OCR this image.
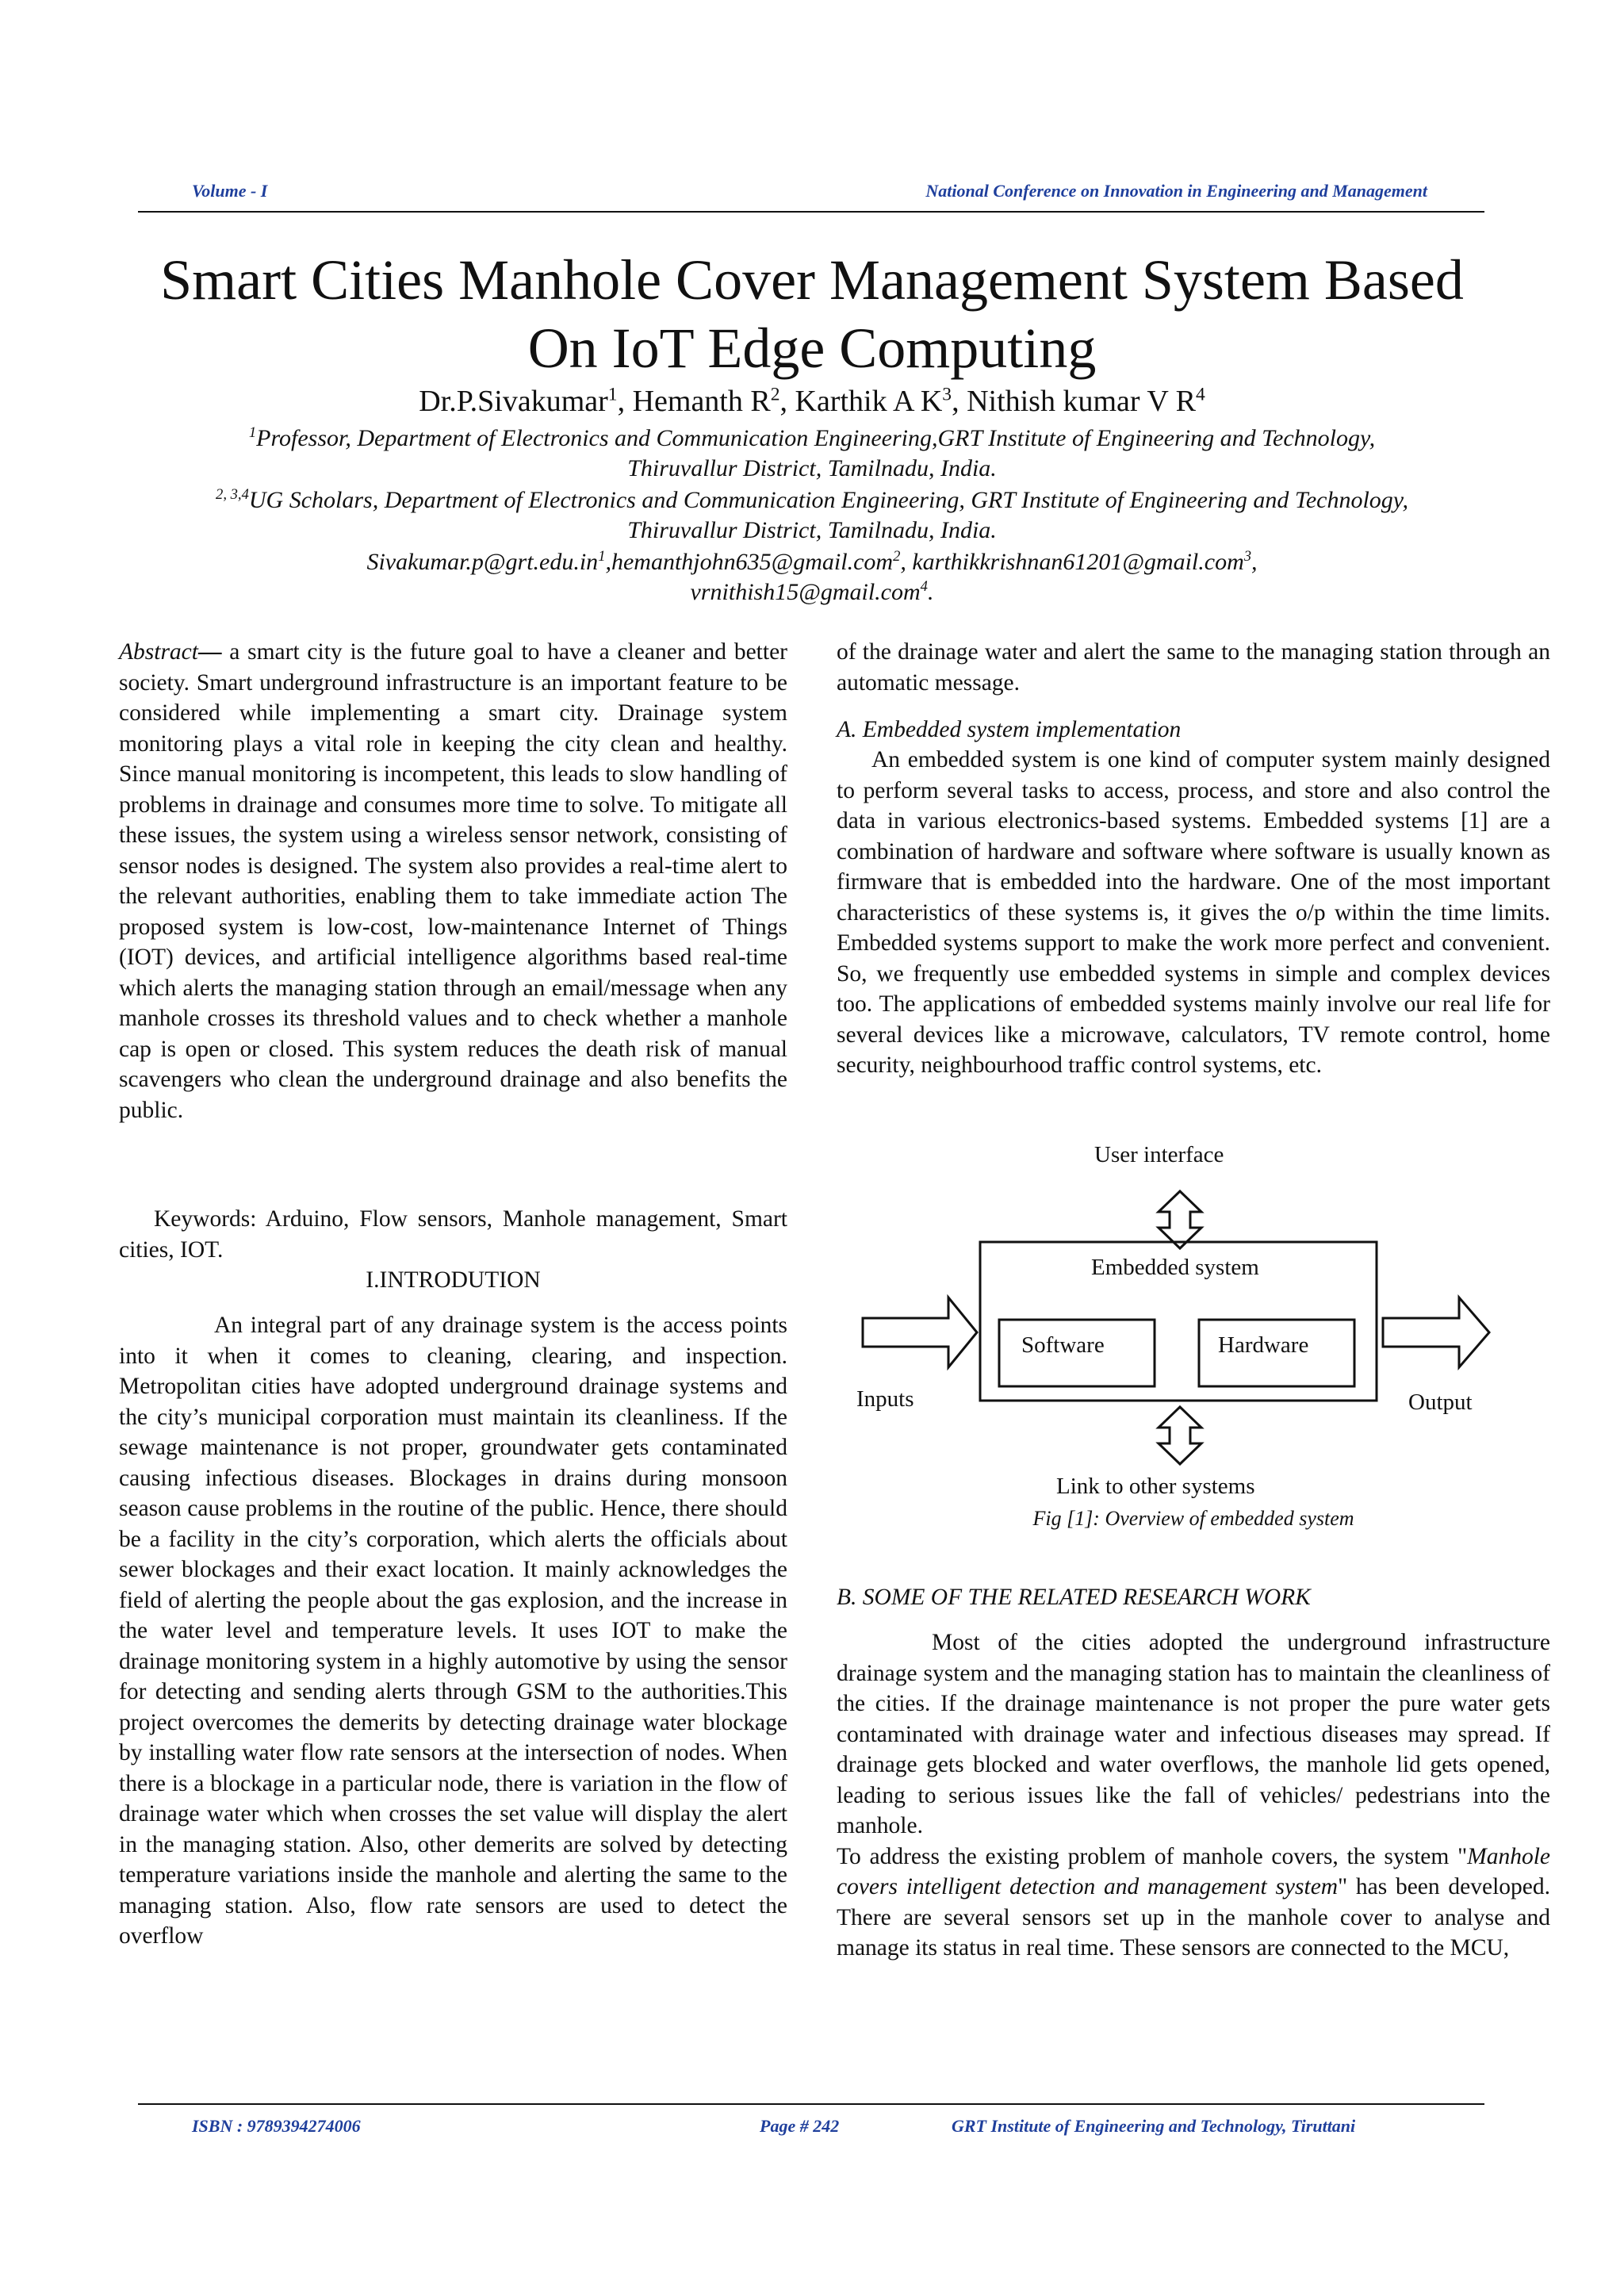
Volume - I	National Conference on Innovation in Engineering and Management
Smart Cities Manhole Cover Management System Based
On IoT Edge Computing
Dr.P.Sivakumar$^1$, Hemanth $R^2$, Karthik A $K^3$, Nithish kumar V $R^4$
$^1$Professor, Department of Electronics and Communication Engineering,GRT Institute of Engineering and Technology,
Thiruvallur District, Tamilnadu, India.
$^{2, 3,4}$UG Scholars, Department of Electronics and Communication Engineering, GRT Institute of Engineering and Technology,
Thiruvallur District, Tamilnadu, India.
$Sivakumar.p@grt.edu.in^1,hemanthjohn635@gmail.com^2$, karthikkrishnan61201@gmail.com$^3$,
vrnithish15@gmail.com$^4$.

Abstract— a smart city is the future goal to have a cleaner and better society. Smart underground infrastructure is an important feature to be considered while implementing a smart city. Drainage system monitoring plays a vital role in keeping the city clean and healthy. Since manual monitoring is incompetent, this leads to slow handling of problems in drainage and consumes more time to solve. To mitigate all these issues, the system using a wireless sensor network, consisting of sensor nodes is designed. The system also provides a real-time alert to the relevant authorities, enabling them to take immediate action The proposed system is low-cost, low-maintenance Internet of Things (IOT) devices, and artificial intelligence algorithms based real-time which alerts the managing station through an email/message when any manhole crosses its threshold values and to check whether a manhole cap is open or closed. This system reduces the death risk of manual scavengers who clean the underground drainage and also benefits the public.

Keywords: Arduino, Flow sensors, Manhole management, Smart cities, IOT.

I.INTRODUTION

An integral part of any drainage system is the access points into it when it comes to cleaning, clearing, and inspection. Metropolitan cities have adopted underground drainage systems and the city’s municipal corporation must maintain its cleanliness. If the sewage maintenance is not proper, groundwater gets contaminated causing infectious diseases. Blockages in drains during monsoon season cause problems in the routine of the public. Hence, there should be a facility in the city’s corporation, which alerts the officials about sewer blockages and their exact location. It mainly acknowledges the field of alerting the people about the gas explosion, and the increase in the water level and temperature levels. It uses IOT to make the drainage monitoring system in a highly automotive by using the sensor for detecting and sending alerts through GSM to the authorities.This project overcomes the demerits by detecting drainage water blockage by installing water flow rate sensors at the intersection of nodes. When there is a blockage in a particular node, there is variation in the flow of drainage water which when crosses the set value will display the alert in the managing station. Also, other demerits are solved by detecting temperature variations inside the manhole and alerting the same to the managing station. Also, flow rate sensors are used to detect the overflow

of the drainage water and alert the same to the managing station through an automatic message.
A. Embedded system implementation

An embedded system is one kind of computer system mainly designed to perform several tasks to access, process, and store and also control the data in various electronics-based systems. Embedded systems [1] are a combination of hardware and software where software is usually known as firmware that is embedded into the hardware. One of the most important characteristics of these systems is, it gives the o/p within the time limits. Embedded systems support to make the work more perfect and convenient. So, we frequently use embedded systems in simple and complex devices too. The applications of embedded systems mainly involve our real life for several devices like a microwave, calculators, TV remote control, home security, neighbourhood traffic control systems, etc.

User interface
Embedded system
Software	Hardware
Inputs	Output
Link to other systems
Fig [1]: Overview of embedded system
B. SOME OF THE RELATED RESEARCH WORK

Most of the cities adopted the underground infrastructure drainage system and the managing station has to maintain the cleanliness of the cities. If the drainage maintenance is not proper the pure water gets contaminated with drainage water and infectious diseases may spread. If drainage gets blocked and water overflows, the manhole lid gets opened, leading to serious issues like the fall of vehicles/ pedestrians into the manhole.

To address the existing problem of manhole covers, the system "Manhole covers intelligent detection and management system" has been developed. There are several sensors set up in the manhole cover to analyse and manage its status in real time. These sensors are connected to the MCU,

ISBN : 9789394274006	Page # 242	GRT Institute of Engineering and Technology, Tiruttani
